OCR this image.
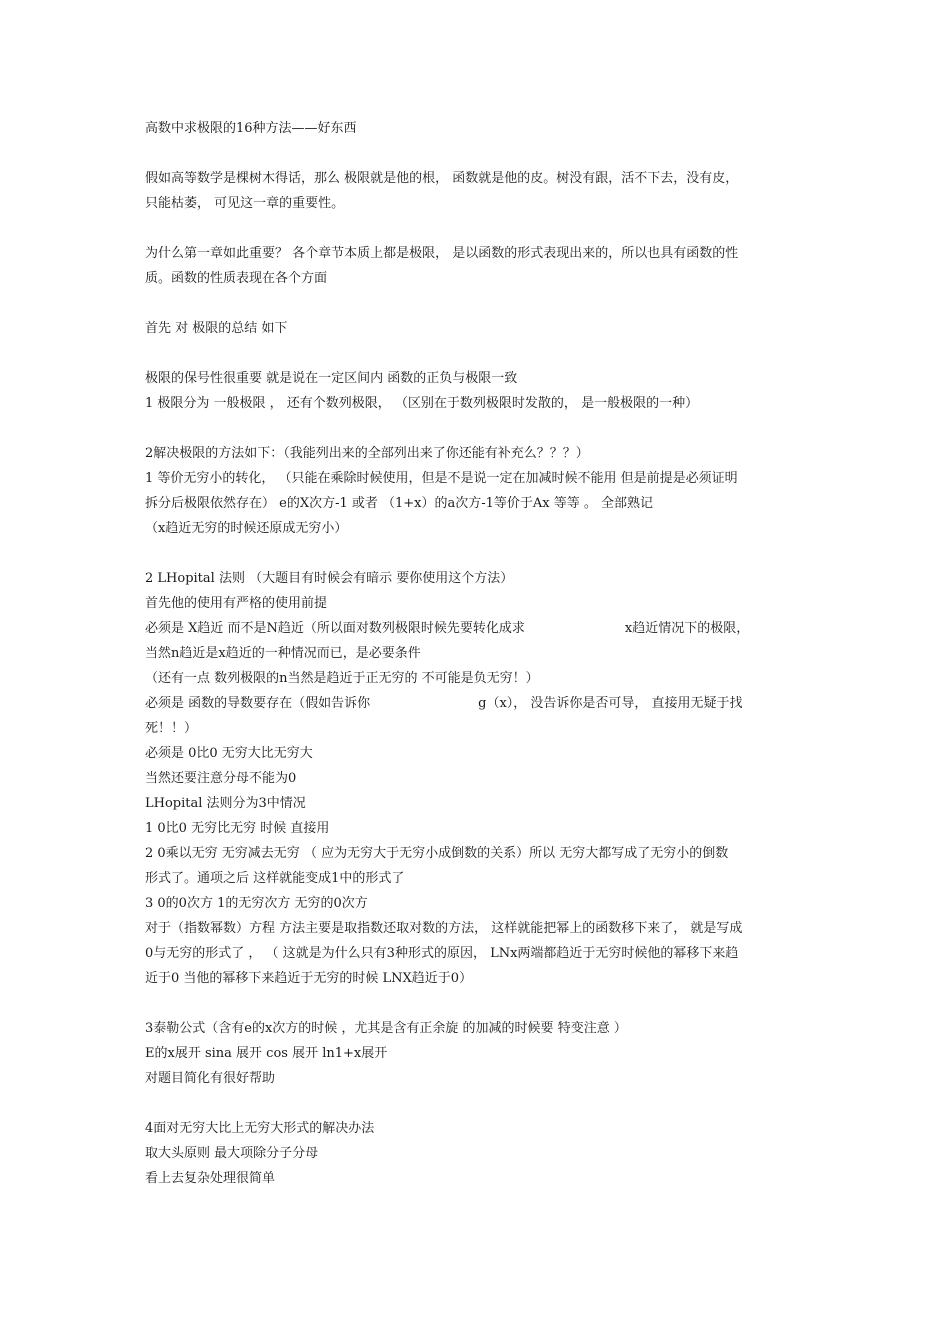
高数中求极限的16种方法——好东西
假如高等数学是棵树木得话，那么 极限就是他的根， 函数就是他的皮。树没有跟，活不下去，没有皮，
只能枯萎， 可见这一章的重要性。
为什么第一章如此重要？ 各个章节本质上都是极限， 是以函数的形式表现出来的，所以也具有函数的性
质。函数的性质表现在各个方面
首先 对 极限的总结 如下
极限的保号性很重要 就是说在一定区间内 函数的正负与极限一致
1 极限分为 一般极限 ， 还有个数列极限， （区别在于数列极限时发散的， 是一般极限的一种）
2解决极限的方法如下：（我能列出来的全部列出来了你还能有补充么？？？）
1 等价无穷小的转化， （只能在乘除时候使用，但是不是说一定在加减时候不能用 但是前提是必须证明
拆分后极限依然存在） e的X次方-1 或者 （1+x）的a次方-1等价于Ax 等等 。 全部熟记
（x趋近无穷的时候还原成无穷小）
2 LHopital 法则 （大题目有时候会有暗示 要你使用这个方法）
首先他的使用有严格的使用前提
必须是 X趋近 而不是N趋近（所以面对数列极限时候先要转化成求	x趋近情况下的极限，
当然n趋近是x趋近的一种情况而已，是必要条件
（还有一点 数列极限的n当然是趋近于正无穷的 不可能是负无穷！）
必须是 函数的导数要存在（假如告诉你	g（x）， 没告诉你是否可导， 直接用无疑于找
死！！）
必须是 0比0 无穷大比无穷大
当然还要注意分母不能为0
LHopital 法则分为3中情况
1 0比0 无穷比无穷 时候 直接用
2 0乘以无穷 无穷减去无穷 （ 应为无穷大于无穷小成倒数的关系）所以 无穷大都写成了无穷小的倒数
形式了。通项之后 这样就能变成1中的形式了
3 0的0次方 1的无穷次方 无穷的0次方
对于（指数幂数）方程 方法主要是取指数还取对数的方法， 这样就能把幂上的函数移下来了， 就是写成
0与无穷的形式了 ， （ 这就是为什么只有3种形式的原因， LNx两端都趋近于无穷时候他的幂移下来趋
近于0 当他的幂移下来趋近于无穷的时候 LNX趋近于0）
3泰勒公式（含有e的x次方的时候 ，尤其是含有正余旋 的加减的时候要 特变注意 ）
E的x展开 sina 展开 cos 展开 ln1+x展开
对题目简化有很好帮助
4面对无穷大比上无穷大形式的解决办法
取大头原则 最大项除分子分母
看上去复杂处理很简单
